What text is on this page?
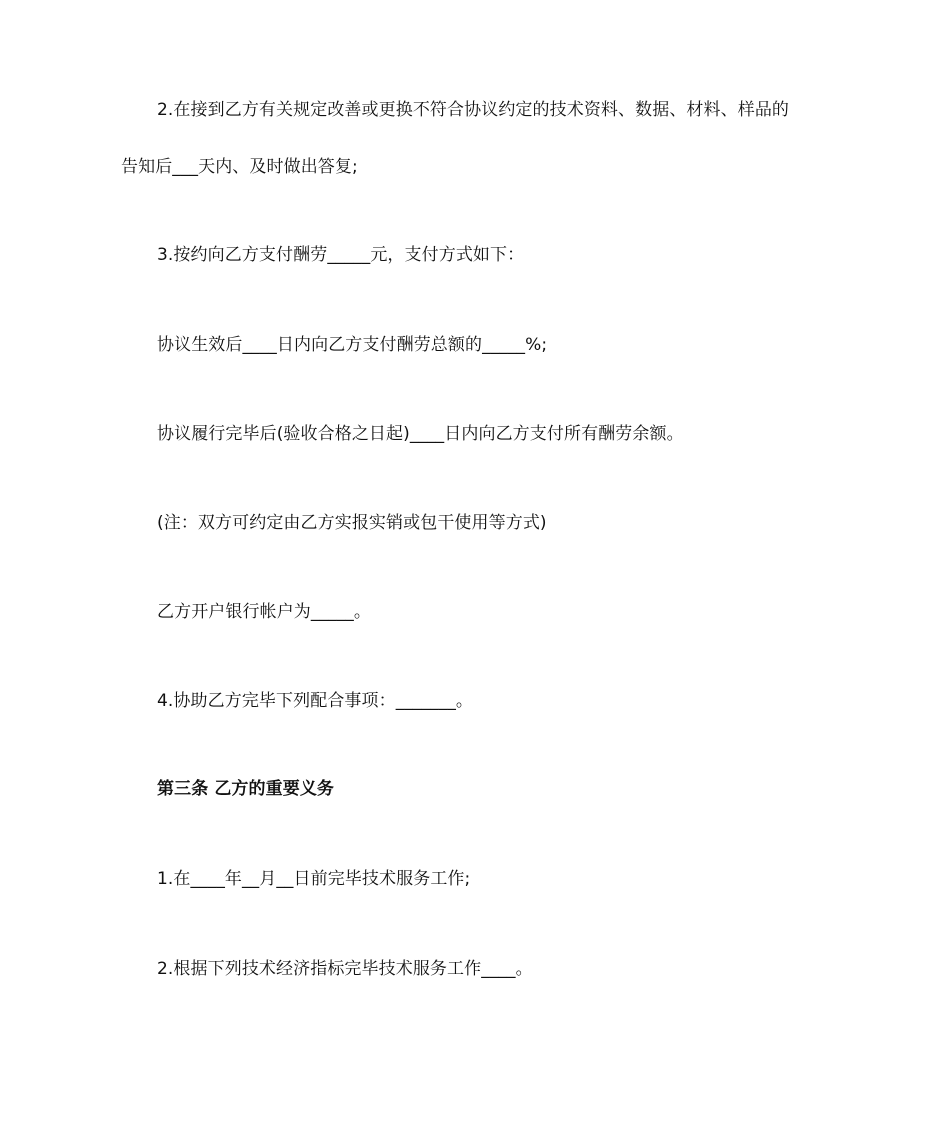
2.在接到乙方有关规定改善或更换不符合协议约定的技术资料、数据、材料、样品的
告知后___天内、及时做出答复;
3.按约向乙方支付酬劳_____元，支付方式如下：
协议生效后____日内向乙方支付酬劳总额的_____%;
协议履行完毕后(验收合格之日起)____日内向乙方支付所有酬劳余额。
(注：双方可约定由乙方实报实销或包干使用等方式)
乙方开户银行帐户为_____。
4.协助乙方完毕下列配合事项：_______。
第三条 乙方的重要义务
1.在____年__月__日前完毕技术服务工作;
2.根据下列技术经济指标完毕技术服务工作____。
